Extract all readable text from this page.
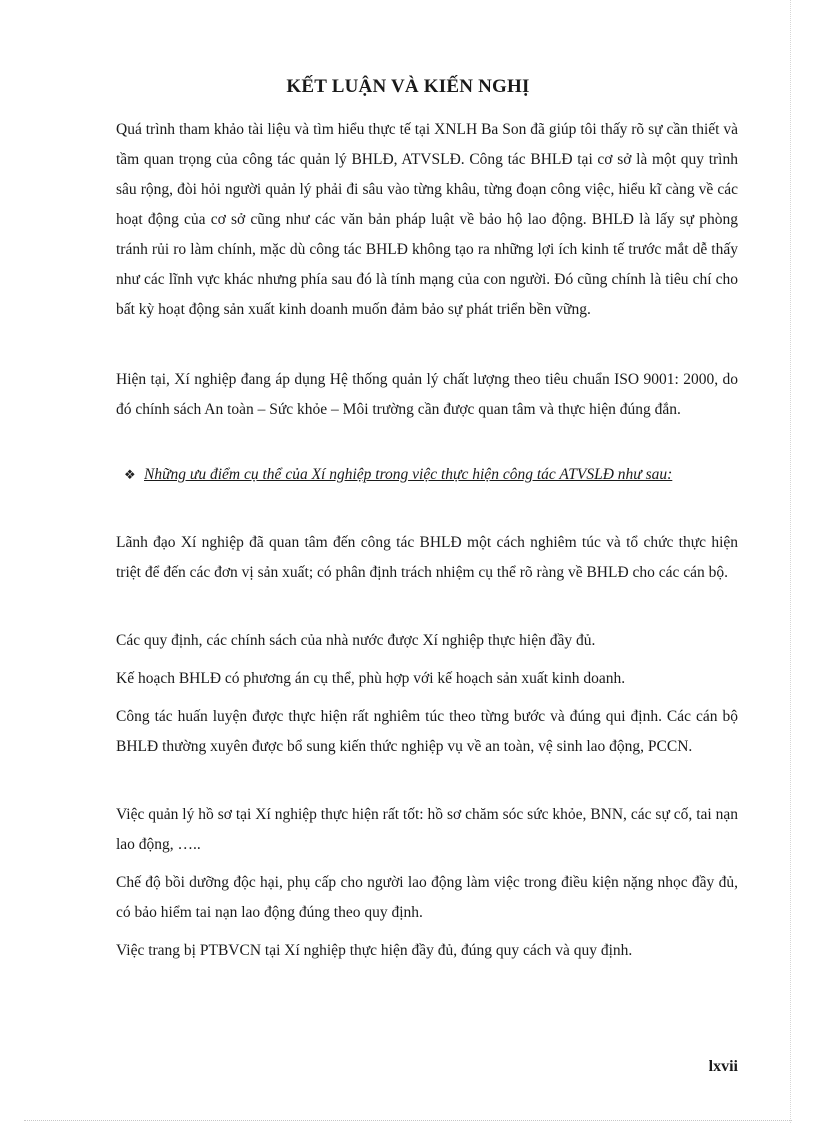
KẾT LUẬN VÀ KIẾN NGHỊ

Quá trình tham khảo tài liệu và tìm hiểu thực tế tại XNLH Ba Son đã giúp tôi thấy rõ sự cần thiết và tầm quan trọng của công tác quản lý BHLĐ, ATVSLĐ. Công tác BHLĐ tại cơ sở là một quy trình sâu rộng, đòi hỏi người quản lý phải đi sâu vào từng khâu, từng đoạn công việc, hiểu kĩ càng về các hoạt động của cơ sở cũng như các văn bản pháp luật về bảo hộ lao động. BHLĐ là lấy sự phòng tránh rủi ro làm chính, mặc dù công tác BHLĐ không tạo ra những lợi ích kinh tế trước mắt dễ thấy như các lĩnh vực khác nhưng phía sau đó là tính mạng của con người. Đó cũng chính là tiêu chí cho bất kỳ hoạt động sản xuất kinh doanh muốn đảm bảo sự phát triển bền vững.

Hiện tại, Xí nghiệp đang áp dụng Hệ thống quản lý chất lượng theo tiêu chuẩn ISO 9001: 2000, do đó chính sách An toàn – Sức khỏe – Môi trường cần được quan tâm và thực hiện đúng đắn.

❖ Những ưu điểm cụ thể của Xí nghiệp trong việc thực hiện công tác ATVSLĐ như sau:

Lãnh đạo Xí nghiệp đã quan tâm đến công tác BHLĐ một cách nghiêm túc và tổ chức thực hiện triệt để đến các đơn vị sản xuất; có phân định trách nhiệm cụ thể rõ ràng về BHLĐ cho các cán bộ.

Các quy định, các chính sách của nhà nước được Xí nghiệp thực hiện đầy đủ.

Kế hoạch BHLĐ có phương án cụ thể, phù hợp với kế hoạch sản xuất kinh doanh.

Công tác huấn luyện được thực hiện rất nghiêm túc theo từng bước và đúng qui định. Các cán bộ BHLĐ thường xuyên được bổ sung kiến thức nghiệp vụ về an toàn, vệ sinh lao động, PCCN.

Việc quản lý hồ sơ tại Xí nghiệp thực hiện rất tốt: hồ sơ chăm sóc sức khỏe, BNN, các sự cố, tai nạn lao động, …..

Chế độ bồi dưỡng độc hại, phụ cấp cho người lao động làm việc trong điều kiện nặng nhọc đầy đủ, có bảo hiểm tai nạn lao động đúng theo quy định.

Việc trang bị PTBVCN tại Xí nghiệp thực hiện đầy đủ, đúng quy cách và quy định.

lxvii
